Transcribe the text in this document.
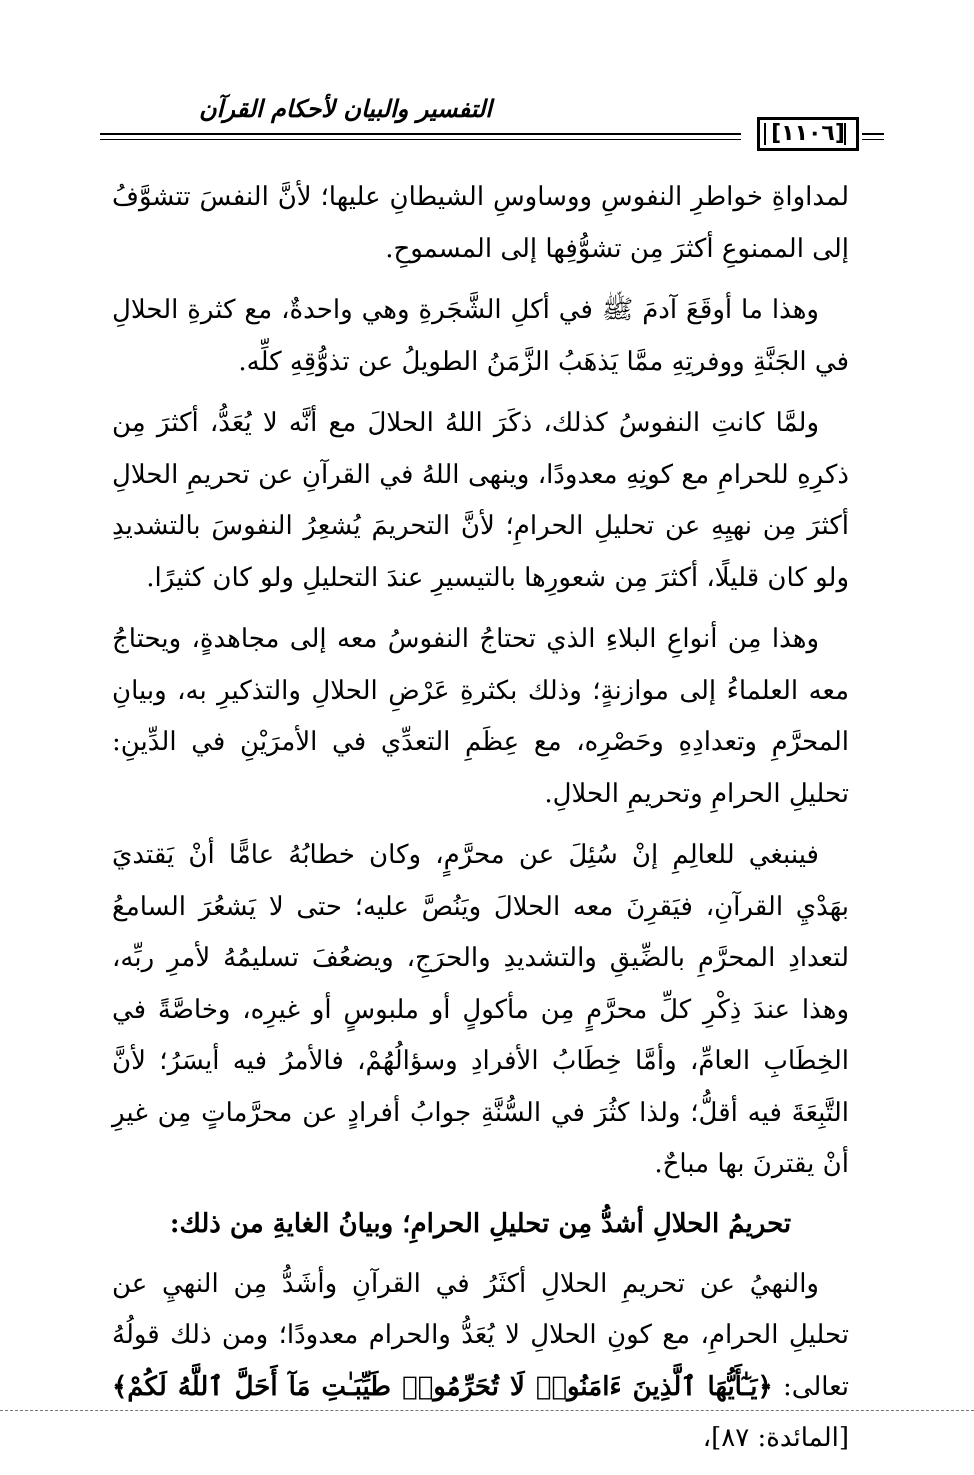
التفسير والبيان لأحكام القرآن
[١١٠٦]

لمداواةِ خواطرِ النفوسِ ووساوسِ الشيطانِ عليها؛ لأنَّ النفسَ تتشوَّفُ إلى الممنوعِ أكثرَ مِن تشوُّفِها إلى المسموحِ.

وهذا ما أوقَعَ آدمَ ﷺ في أكلِ الشَّجَرةِ وهي واحدةٌ، مع كثرةِ الحلالِ في الجَنَّةِ ووفرتِهِ ممَّا يَذهَبُ الزَّمَنُ الطويلُ عن تذوُّقِهِ كلِّه.

ولمَّا كانتِ النفوسُ كذلك، ذكَرَ اللهُ الحلالَ مع أنَّه لا يُعَدُّ، أكثرَ مِن ذكرِهِ للحرامِ مع كونِهِ معدودًا، وينهى اللهُ في القرآنِ عن تحريمِ الحلالِ أكثرَ مِن نهيِهِ عن تحليلِ الحرامِ؛ لأنَّ التحريمَ يُشعِرُ النفوسَ بالتشديدِ ولو كان قليلًا، أكثرَ مِن شعورِها بالتيسيرِ عندَ التحليلِ ولو كان كثيرًا.

وهذا مِن أنواعِ البلاءِ الذي تحتاجُ النفوسُ معه إلى مجاهدةٍ، ويحتاجُ معه العلماءُ إلى موازنةٍ؛ وذلك بكثرةِ عَرْضِ الحلالِ والتذكيرِ به، وبيانِ المحرَّمِ وتعدادِهِ وحَصْرِه، مع عِظَمِ التعدِّي في الأمرَيْنِ في الدِّينِ: تحليلِ الحرامِ وتحريمِ الحلالِ.

فينبغي للعالِمِ إنْ سُئِلَ عن محرَّمٍ، وكان خطابُهُ عامًّا أنْ يَقتديَ بهَدْيِ القرآنِ، فيَقرِنَ معه الحلالَ ويَنُصَّ عليه؛ حتى لا يَشعُرَ السامعُ لتعدادِ المحرَّمِ بالضِّيقِ والتشديدِ والحرَجِ، ويضعُفَ تسليمُهُ لأمرِ ربِّه، وهذا عندَ ذِكْرِ كلِّ محرَّمٍ مِن مأكولٍ أو ملبوسٍ أو غيرِه، وخاصَّةً في الخِطَابِ العامِّ، وأمَّا خِطَابُ الأفرادِ وسؤالُهُمْ، فالأمرُ فيه أيسَرُ؛ لأنَّ التَّبِعَةَ فيه أقلُّ؛ ولذا كثُرَ في السُّنَّةِ جوابُ أفرادٍ عن محرَّماتٍ مِن غيرِ أنْ يقترنَ بها مباحٌ.

تحريمُ الحلالِ أشدُّ مِن تحليلِ الحرامِ؛ وبيانُ الغايةِ من ذلك:

والنهيُ عن تحريمِ الحلالِ أكثَرُ في القرآنِ وأشَدُّ مِن النهيِ عن تحليلِ الحرامِ، مع كونِ الحلالِ لا يُعَدُّ والحرام معدودًا؛ ومن ذلك قولُهُ تعالى: ﴿يَـٰٓأَيُّهَا ٱلَّذِينَ ءَامَنُوا۟ لَا تُحَرِّمُوا۟ طَيِّبَـٰتِ مَآ أَحَلَّ ٱللَّهُ لَكُمْ﴾ [المائدة: ٨٧]،
